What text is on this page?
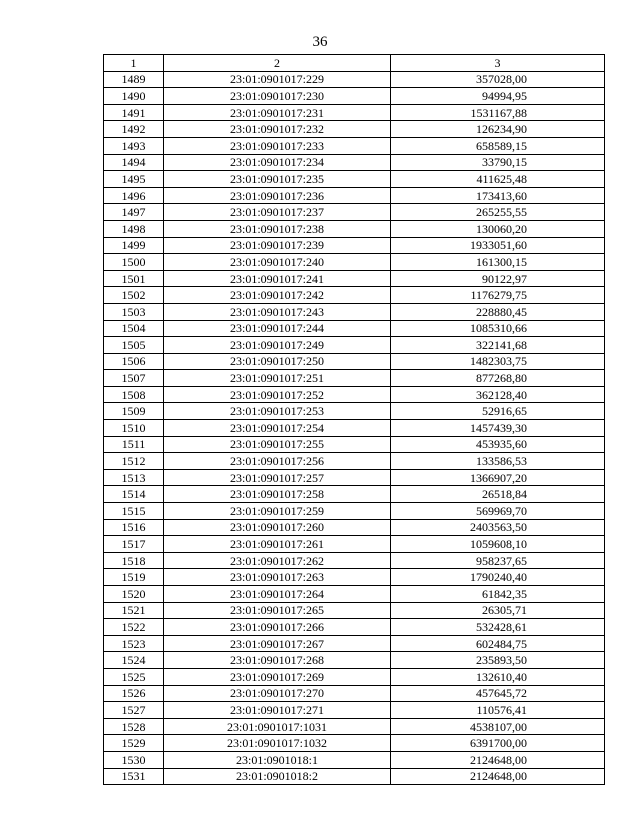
36
1	2	3
1489	23:01:0901017:229	357028,00
1490	23:01:0901017:230	94994,95
1491	23:01:0901017:231	1531167,88
1492	23:01:0901017:232	126234,90
1493	23:01:0901017:233	658589,15
1494	23:01:0901017:234	33790,15
1495	23:01:0901017:235	411625,48
1496	23:01:0901017:236	173413,60
1497	23:01:0901017:237	265255,55
1498	23:01:0901017:238	130060,20
1499	23:01:0901017:239	1933051,60
1500	23:01:0901017:240	161300,15
1501	23:01:0901017:241	90122,97
1502	23:01:0901017:242	1176279,75
1503	23:01:0901017:243	228880,45
1504	23:01:0901017:244	1085310,66
1505	23:01:0901017:249	322141,68
1506	23:01:0901017:250	1482303,75
1507	23:01:0901017:251	877268,80
1508	23:01:0901017:252	362128,40
1509	23:01:0901017:253	52916,65
1510	23:01:0901017:254	1457439,30
1511	23:01:0901017:255	453935,60
1512	23:01:0901017:256	133586,53
1513	23:01:0901017:257	1366907,20
1514	23:01:0901017:258	26518,84
1515	23:01:0901017:259	569969,70
1516	23:01:0901017:260	2403563,50
1517	23:01:0901017:261	1059608,10
1518	23:01:0901017:262	958237,65
1519	23:01:0901017:263	1790240,40
1520	23:01:0901017:264	61842,35
1521	23:01:0901017:265	26305,71
1522	23:01:0901017:266	532428,61
1523	23:01:0901017:267	602484,75
1524	23:01:0901017:268	235893,50
1525	23:01:0901017:269	132610,40
1526	23:01:0901017:270	457645,72
1527	23:01:0901017:271	110576,41
1528	23:01:0901017:1031	4538107,00
1529	23:01:0901017:1032	6391700,00
1530	23:01:0901018:1	2124648,00
1531	23:01:0901018:2	2124648,00
